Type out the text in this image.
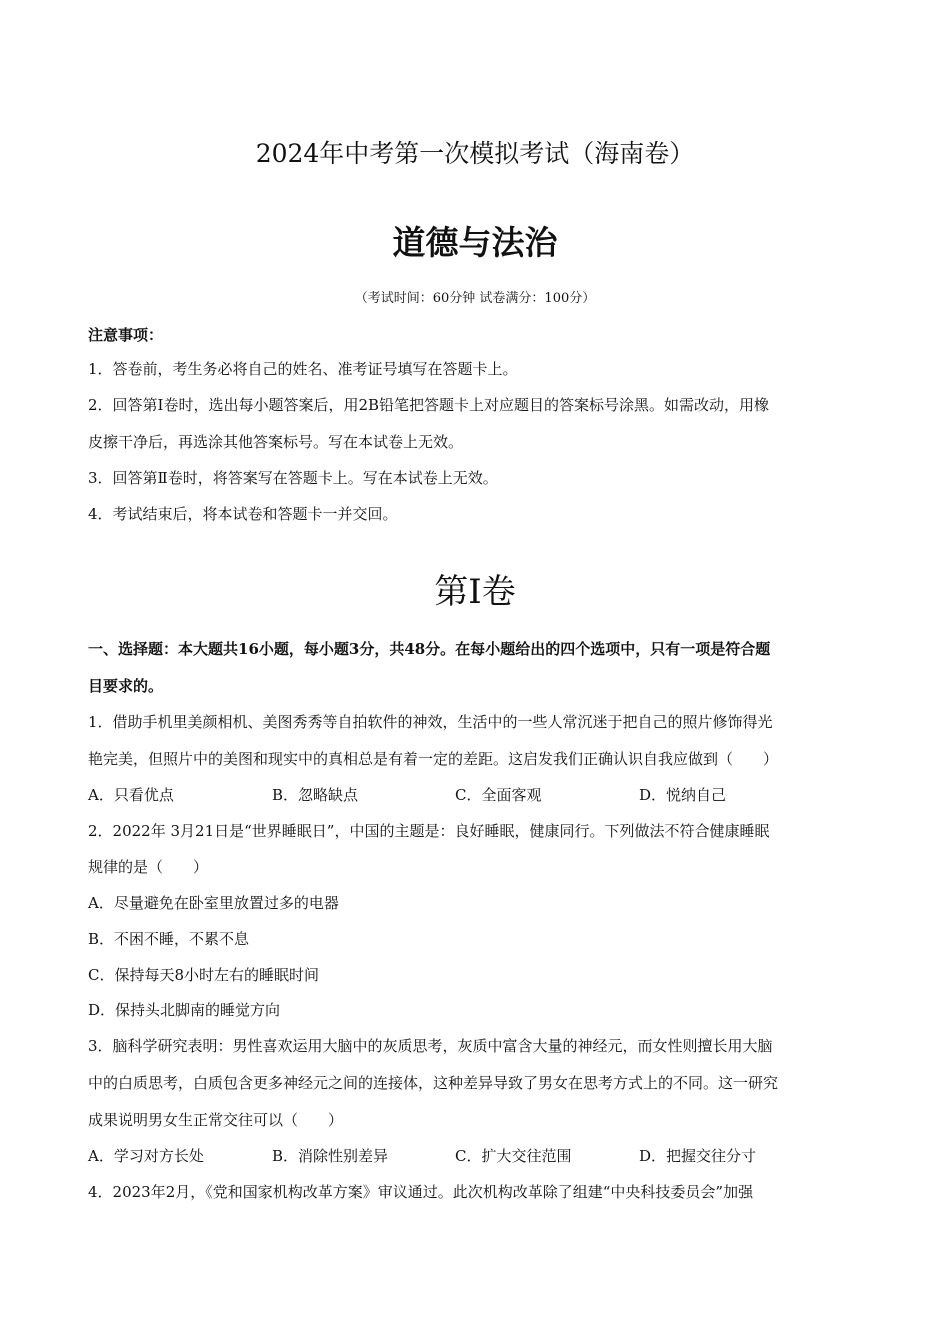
2024年中考第一次模拟考试（海南卷）
道德与法治
（考试时间：60分钟 试卷满分：100分）
注意事项：
1．答卷前，考生务必将自己的姓名、准考证号填写在答题卡上。
2．回答第Ⅰ卷时，选出每小题答案后，用2B铅笔把答题卡上对应题目的答案标号涂黑。如需改动，用橡
皮擦干净后，再选涂其他答案标号。写在本试卷上无效。
3．回答第Ⅱ卷时，将答案写在答题卡上。写在本试卷上无效。
4．考试结束后，将本试卷和答题卡一并交回。
第Ⅰ卷
一、选择题：本大题共16小题，每小题3分，共48分。在每小题给出的四个选项中，只有一项是符合题
目要求的。
1．借助手机里美颜相机、美图秀秀等自拍软件的神效，生活中的一些人常沉迷于把自己的照片修饰得光
艳完美，但照片中的美图和现实中的真相总是有着一定的差距。这启发我们正确认识自我应做到（　　）
A．只看优点	B．忽略缺点	C．全面客观	D．悦纳自己
2．2022年 3月21日是“世界睡眠日”，中国的主题是：良好睡眠，健康同行。下列做法不符合健康睡眠
规律的是（　　）
A．尽量避免在卧室里放置过多的电器
B．不困不睡，不累不息
C．保持每天8小时左右的睡眠时间
D．保持头北脚南的睡觉方向
3．脑科学研究表明：男性喜欢运用大脑中的灰质思考，灰质中富含大量的神经元，而女性则擅长用大脑
中的白质思考，白质包含更多神经元之间的连接体，这种差异导致了男女在思考方式上的不同。这一研究
成果说明男女生正常交往可以（　　）
A．学习对方长处	B．消除性别差异	C．扩大交往范围	D．把握交往分寸
4．2023年2月，《党和国家机构改革方案》审议通过。此次机构改革除了组建“中央科技委员会”加强
